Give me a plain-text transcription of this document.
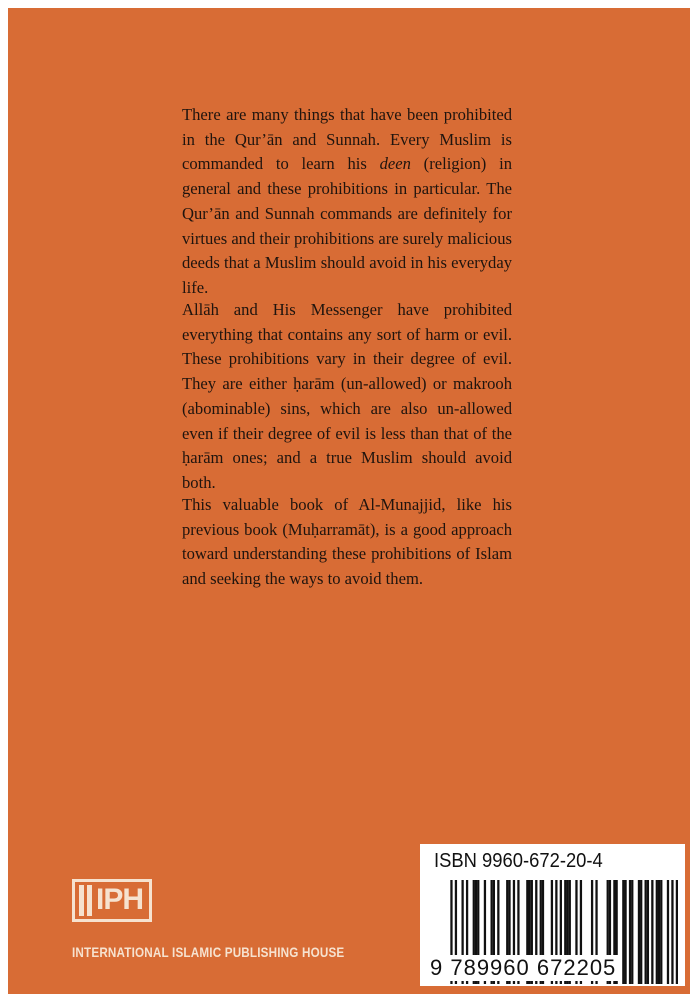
There are many things that have been prohibited in the Qur’ān and Sunnah. Every Muslim is commanded to learn his deen (religion) in general and these prohibitions in particular. The Qur’ān and Sunnah commands are definitely for virtues and their prohibitions are surely malicious deeds that a Muslim should avoid in his everyday life.

Allāh and His Messenger have prohibited everything that contains any sort of harm or evil. These prohibitions vary in their degree of evil. They are either ḥarām (un-allowed) or makrooh (abominable) sins, which are also un-allowed even if their degree of evil is less than that of the ḥarām ones; and a true Muslim should avoid both.

This valuable book of Al-Munajjid, like his previous book (Muḥarramāt), is a good approach toward understanding these prohibitions of Islam and seeking the ways to avoid them.

IPH
INTERNATIONAL ISLAMIC PUBLISHING HOUSE
ISBN 9960-672-20-4
9 789960 672205
